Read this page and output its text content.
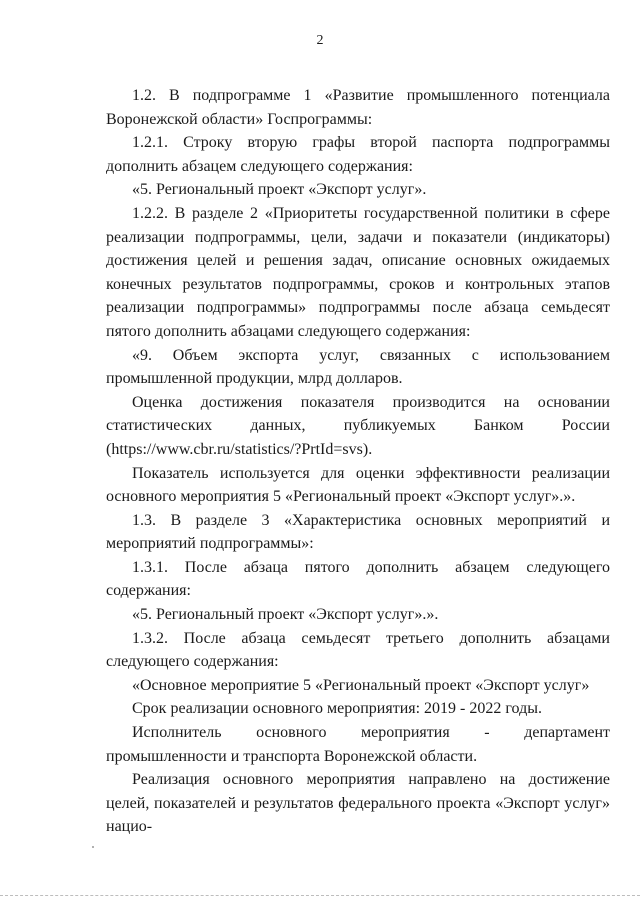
2

1.2. В подпрограмме 1 «Развитие промышленного потенциала Воронежской области» Госпрограммы:

1.2.1. Строку вторую графы второй паспорта подпрограммы дополнить абзацем следующего содержания:

«5. Региональный проект «Экспорт услуг».

1.2.2. В разделе 2 «Приоритеты государственной политики в сфере реализации подпрограммы, цели, задачи и показатели (индикаторы) достижения целей и решения задач, описание основных ожидаемых конечных результатов подпрограммы, сроков и контрольных этапов реализации подпрограммы» подпрограммы после абзаца семьдесят пятого дополнить абзацами следующего содержания:

«9. Объем экспорта услуг, связанных с использованием промышленной продукции, млрд долларов.

Оценка достижения показателя производится на основании статистических данных, публикуемых Банком России (https://www.cbr.ru/statistics/?PrtId=svs).

Показатель используется для оценки эффективности реализации основного мероприятия 5 «Региональный проект «Экспорт услуг».».

1.3. В разделе 3 «Характеристика основных мероприятий и мероприятий подпрограммы»:

1.3.1. После абзаца пятого дополнить абзацем следующего содержания:

«5. Региональный проект «Экспорт услуг».».

1.3.2. После абзаца семьдесят третьего дополнить абзацами следующего содержания:

«Основное мероприятие 5 «Региональный проект «Экспорт услуг»

Срок реализации основного мероприятия: 2019 - 2022 годы.

Исполнитель основного мероприятия - департамент промышленности и транспорта Воронежской области.

Реализация основного мероприятия направлено на достижение целей, показателей и результатов федерального проекта «Экспорт услуг» нацио-
